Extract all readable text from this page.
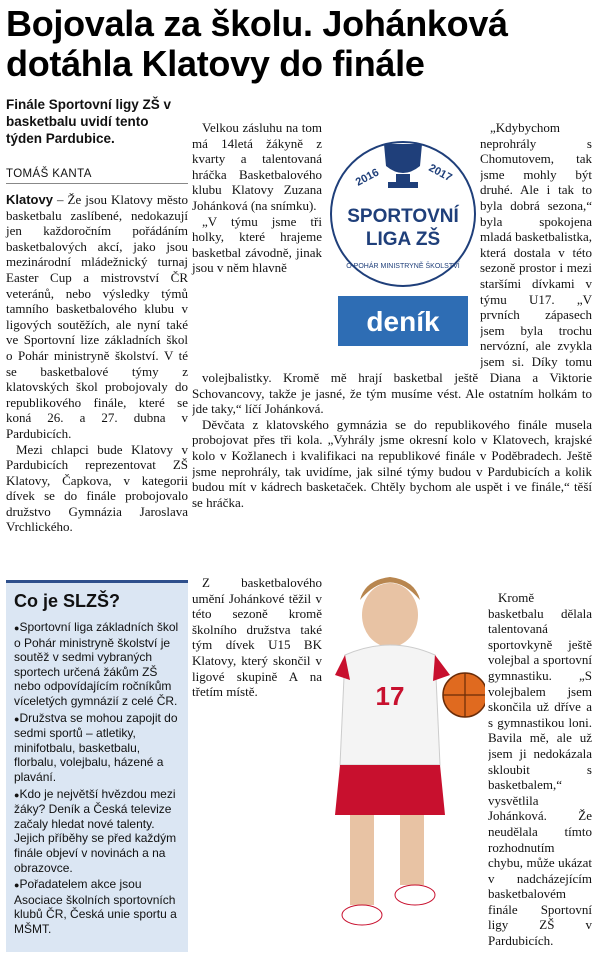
Bojovala za školu. Johánková dotáhla Klatovy do finále
Finále Sportovní ligy ZŠ v basketbalu uvidí tento týden Pardubice.
TOMÁŠ KANTA

Klatovy – Že jsou Klatovy město basketbalu zaslíbené, nedokazují jen každoročním pořádáním basketbalových akcí, jako jsou mezinárodní mládežnický turnaj Easter Cup a mistrovství ČR veteránů, nebo výsledky týmů tamního basketbalového klubu v ligových soutěžích, ale nyní také ve Sportovní lize základních škol o Pohár ministryně školství. V té se basketbalové týmy z klatovských škol probojovaly do republikového finále, které se koná 26. a 27. dubna v Pardubicích.

Mezi chlapci bude Klatovy v Pardubicích reprezentovat ZŠ Klatovy, Čapkova, v kategorii dívek se do finále probojovalo družstvo Gymnázia Jaroslava Vrchlického.

Co je SLZŠ?
● Sportovní liga základních škol o Pohár ministryně školství je soutěž v sedmi vybraných sportech určená žákům ZŠ nebo odpovídajícím ročníkům víceletých gymnázií z celé ČR.
● Družstva se mohou zapojit do sedmi sportů – atletiky, minifotbalu, basketbalu, florbalu, volejbalu, házené a plavání.
● Kdo je největší hvězdou mezi žáky? Deník a Česká televize začaly hledat nové talenty. Jejich příběhy se před každým finále objeví v novinách a na obrazovce.
● Pořadatelem akce jsou Asociace školních sportovních klubů ČR, Česká unie sportu a MŠMT.

Velkou zásluhu na tom má 14letá žákyně z kvarty a talentovaná hráčka Basketbalového klubu Klatovy Zuzana Johánková (na snímku).

„V týmu jsme tři holky, které hrajeme basketbal závodně, jinak jsou v něm hlavně

2016	2017
SPORTOVNÍ
LIGA ZŠ
O POHÁR MINISTRYNĚ ŠKOLSTVÍ
deník

„Kdybychom neprohrály s Chomutovem, tak jsme mohly být druhé. Ale i tak to byla dobrá sezona,“ byla spokojena mladá basketbalistka, která dostala v této sezoně prostor i mezi staršími dívkami v týmu U17. „V prvních zápasech jsem byla trochu nervózní, ale zvykla jsem si. Díky tomu

volejbalistky. Kromě mě hrají basketbal ještě Diana a Viktorie Schovancovy, takže je jasné, že tým musíme vést. Ale ostatním holkám to jde taky,“ líčí Johánková.

Děvčata z klatovského gymnázia se do republikového finále musela probojovat přes tři kola. „Vyhrály jsme okresní kolo v Klatovech, krajské kolo v Kožlanech i kvalifikaci na republikové finále v Poděbradech. Ještě jsme neprohrály, tak uvidíme, jak silné týmy budou v Pardubicích a kolik budou mít v kádrech basketaček. Chtěly bychom ale uspět i ve finále,“ těší se hráčka.

Z basketbalového umění Johánkové těžil v této sezoně kromě školního družstva také tým dívek U15 BK Klatovy, který skončil v ligové skupině A na třetím místě.	17

Kromě basketbalu dělala talentovaná sportovkyně ještě volejbal a sportovní gymnastiku. „S volejbalem jsem skončila už dříve a s gymnastikou loni. Bavila mě, ale už jsem ji nedokázala skloubit s basketbalem,“ vysvětlila Johánková. Že neudělala tímto rozhodnutím chybu, může ukázat v nadcházejícím basketbalovém finále Sportovní ligy ZŠ v Pardubicích.
